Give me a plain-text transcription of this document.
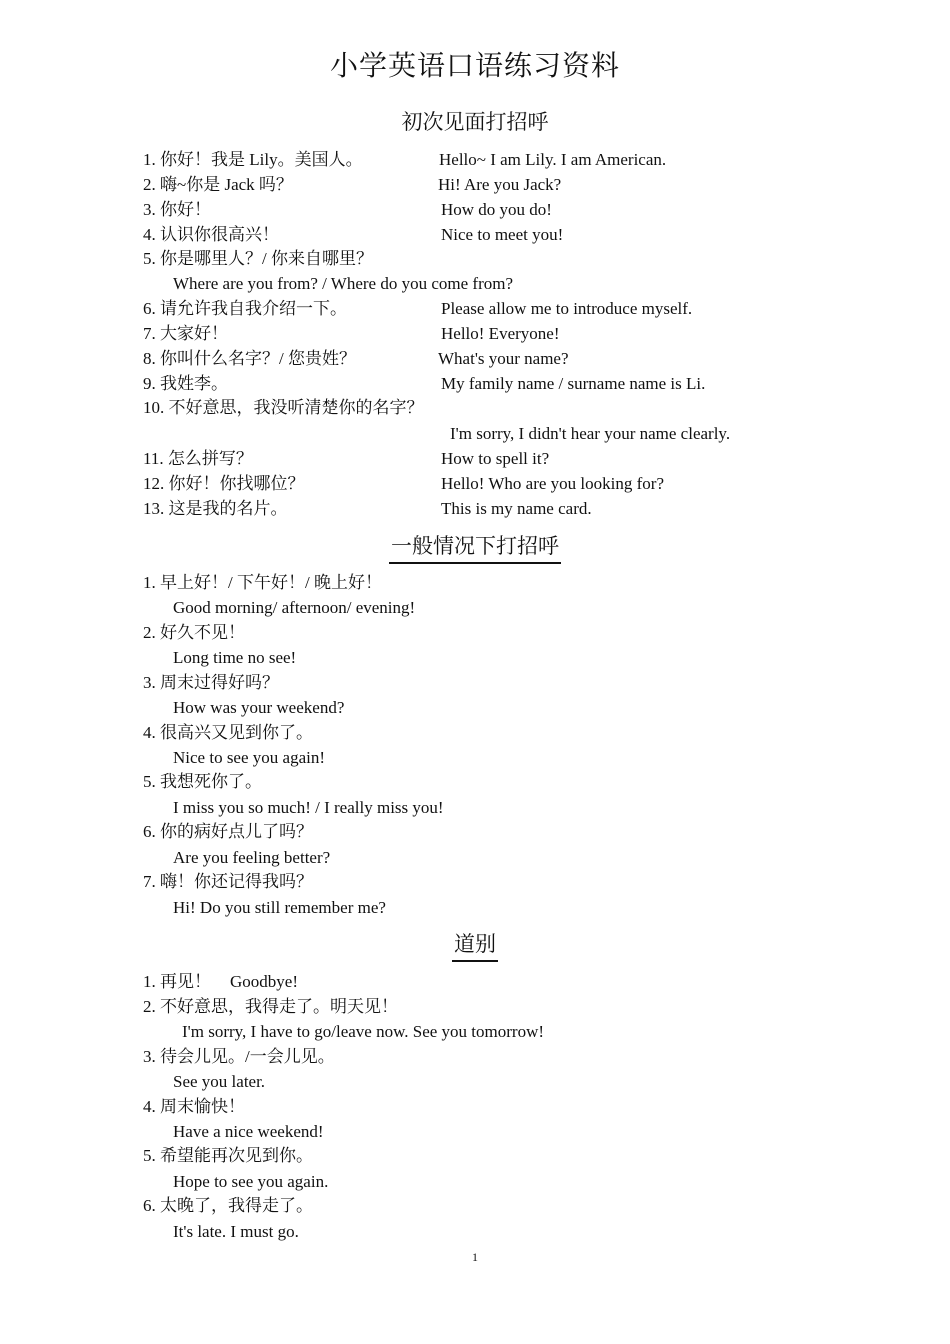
小学英语口语练习资料
初次见面打招呼
1. 你好！我是 Lily。美国人。	Hello~ I am Lily. I am American.
2. 嗨~你是 Jack 吗？	Hi! Are you Jack?
3. 你好！	How do you do!
4. 认识你很高兴！	Nice to meet you!
5. 你是哪里人？/ 你来自哪里？
Where are you from? / Where do you come from?
6. 请允许我自我介绍一下。	Please allow me to introduce myself.
7. 大家好！	Hello! Everyone!
8. 你叫什么名字？/ 您贵姓？	What's your name?
9. 我姓李。	My family name / surname name is Li.
10. 不好意思，我没听清楚你的名字？
I'm sorry, I didn't hear your name clearly.
11. 怎么拼写？	How to spell it?
12. 你好！你找哪位？	Hello! Who are you looking for?
13. 这是我的名片。	This is my name card.
一般情况下打招呼
1. 早上好！/ 下午好！/ 晚上好！
Good morning/ afternoon/ evening!
2. 好久不见！
Long time no see!
3. 周末过得好吗？
How was your weekend?
4. 很高兴又见到你了。
Nice to see you again!
5. 我想死你了。
I miss you so much! / I really miss you!
6. 你的病好点儿了吗？
Are you feeling better?
7. 嗨！你还记得我吗？
Hi! Do you still remember me?
道别
1. 再见！ Goodbye!
2. 不好意思，我得走了。明天见！
I'm sorry, I have to go/leave now. See you tomorrow!
3. 待会儿见。/一会儿见。
See you later.
4. 周末愉快！
Have a nice weekend!
5. 希望能再次见到你。
Hope to see you again.
6. 太晚了，我得走了。
It's late. I must go.
1
